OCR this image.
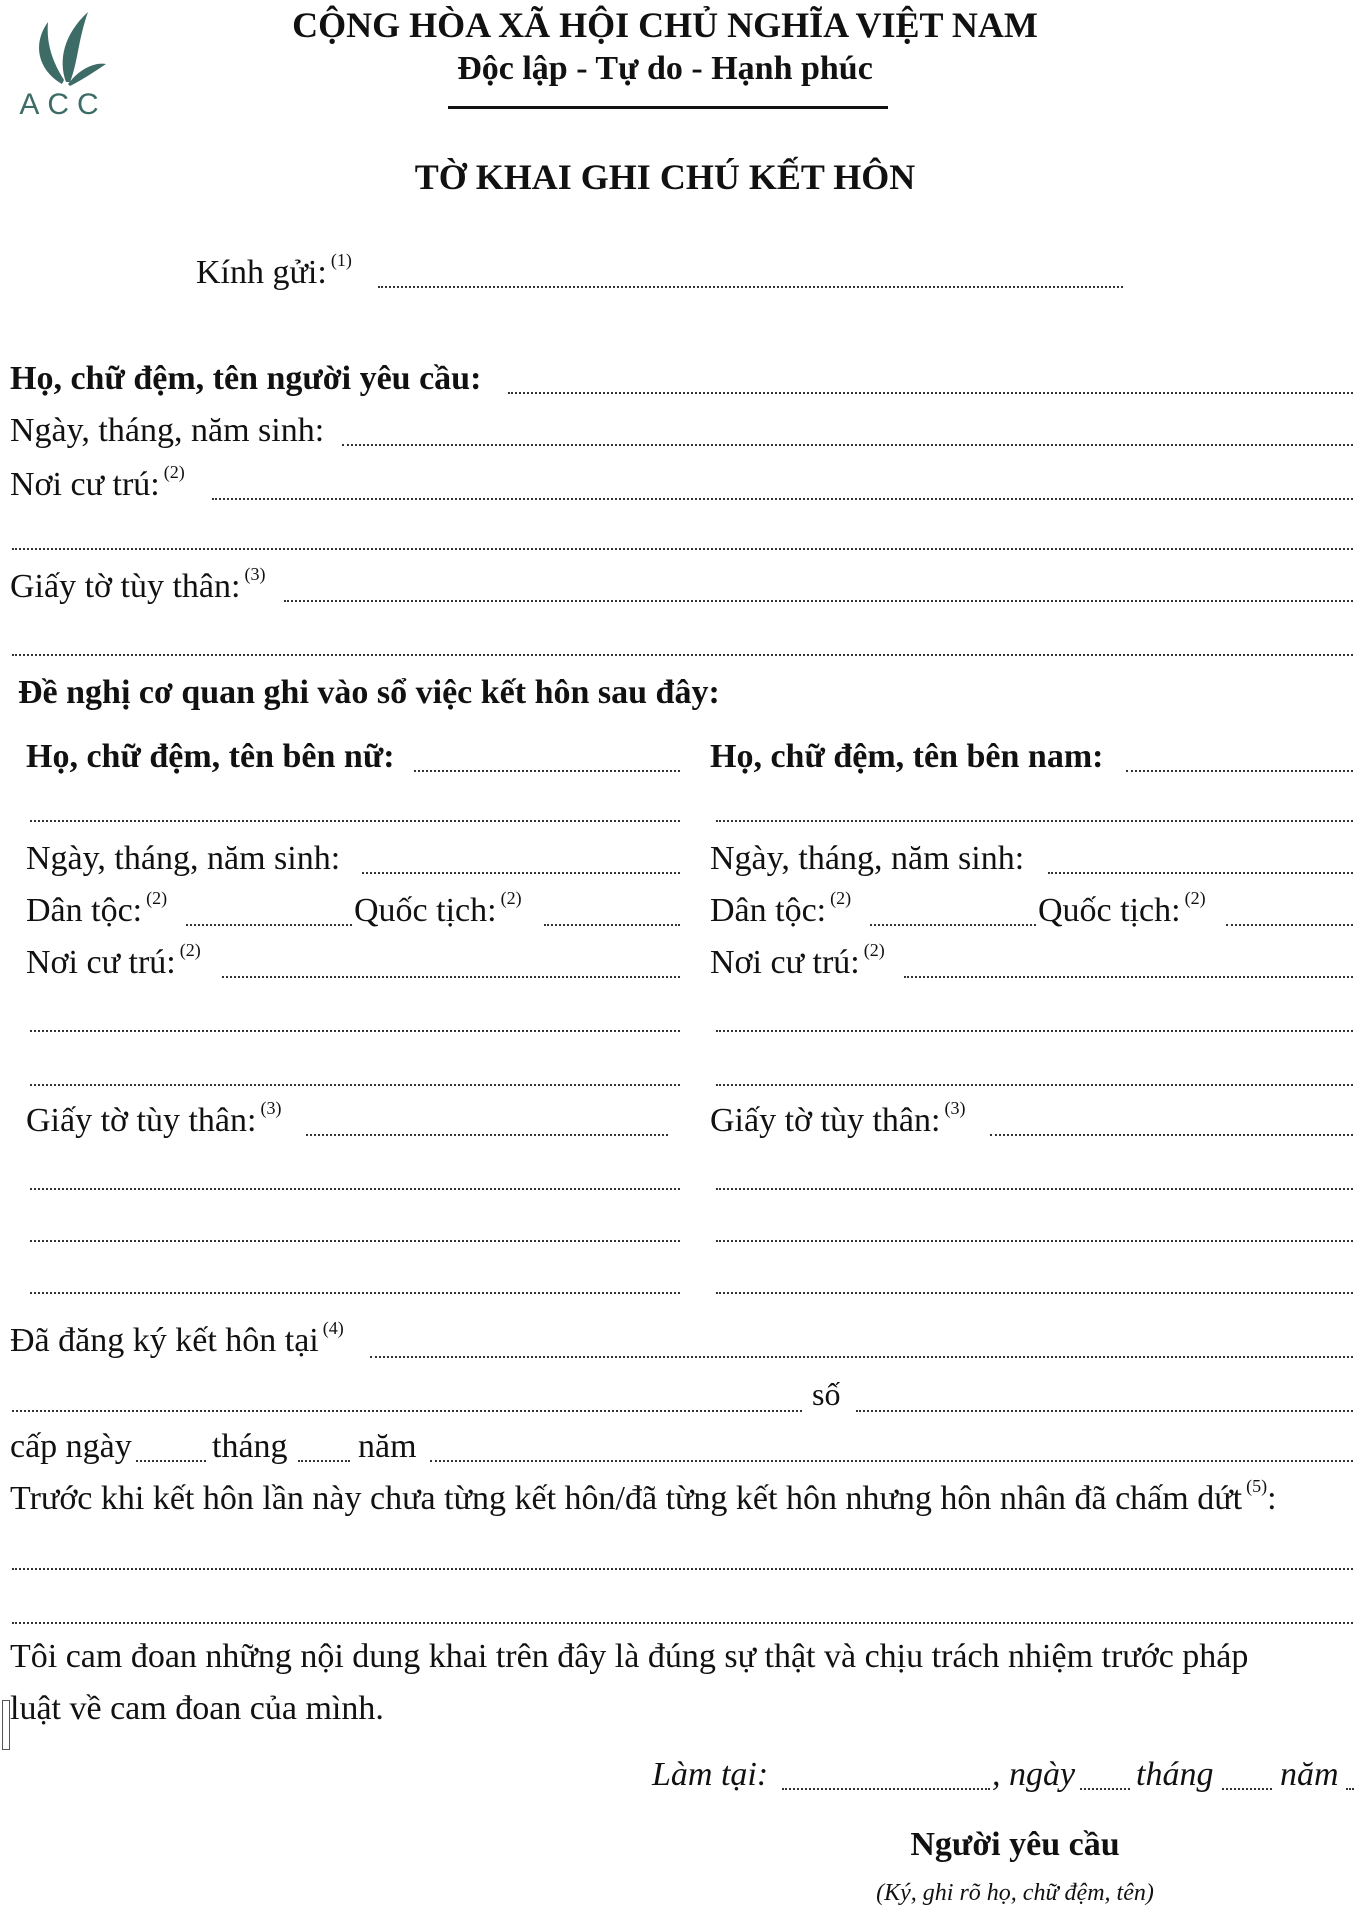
ACC
CỘNG HÒA XÃ HỘI CHỦ NGHĨA VIỆT NAM
Độc lập - Tự do - Hạnh phúc
TỜ KHAI GHI CHÚ KẾT HÔN
Kính gửi: $^{(1)}$
Họ, chữ đệm, tên người yêu cầu:
Ngày, tháng, năm sinh:
Nơi cư trú: $^{(2)}$
Giấy tờ tùy thân: $^{(3)}$
Đề nghị cơ quan ghi vào sổ việc kết hôn sau đây:
Họ, chữ đệm, tên bên nữ:
Ngày, tháng, năm sinh:
Dân tộc: $^{(2)}$	Quốc tịch: $^{(2)}$
Nơi cư trú: $^{(2)}$
Giấy tờ tùy thân: $^{(3)}$
Họ, chữ đệm, tên bên nam:
Ngày, tháng, năm sinh:
Dân tộc: $^{(2)}$	Quốc tịch: $^{(2)}$
Nơi cư trú: $^{(2)}$
Giấy tờ tùy thân: $^{(3)}$
Đã đăng ký kết hôn tại $^{(4)}$
số
cấp ngày tháng năm
Trước khi kết hôn lần này chưa từng kết hôn/đã từng kết hôn nhưng hôn nhân đã chấm dứt $^{(5)}$:
Tôi cam đoan những nội dung khai trên đây là đúng sự thật và chịu trách nhiệm trước pháp
luật về cam đoan của mình.
Làm tại:	, ngày tháng năm
Người yêu cầu
(Ký, ghi rõ họ, chữ đệm, tên)
